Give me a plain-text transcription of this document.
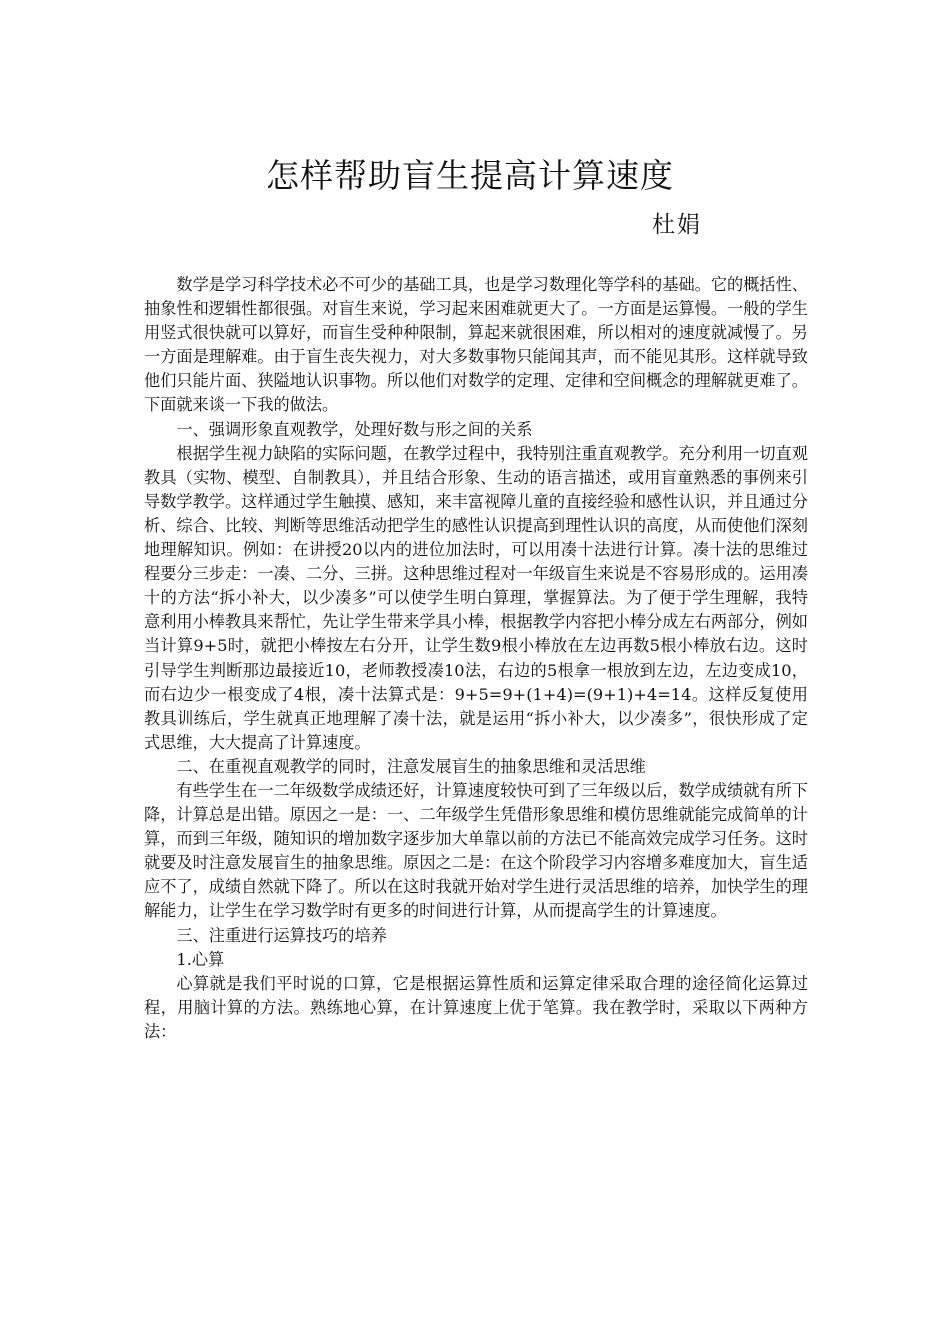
怎样帮助盲生提高计算速度
杜娟

数学是学习科学技术必不可少的基础工具，也是学习数理化等学科的基础。它的概括性、抽象性和逻辑性都很强。对盲生来说，学习起来困难就更大了。一方面是运算慢。一般的学生用竖式很快就可以算好，而盲生受种种限制，算起来就很困难，所以相对的速度就减慢了。另一方面是理解难。由于盲生丧失视力，对大多数事物只能闻其声，而不能见其形。这样就导致他们只能片面、狭隘地认识事物。所以他们对数学的定理、定律和空间概念的理解就更难了。下面就来谈一下我的做法。

一、强调形象直观教学，处理好数与形之间的关系

根据学生视力缺陷的实际问题，在教学过程中，我特别注重直观教学。充分利用一切直观教具（实物、模型、自制教具），并且结合形象、生动的语言描述，或用盲童熟悉的事例来引导数学教学。这样通过学生触摸、感知，来丰富视障儿童的直接经验和感性认识，并且通过分析、综合、比较、判断等思维活动把学生的感性认识提高到理性认识的高度，从而使他们深刻地理解知识。例如：在讲授20以内的进位加法时，可以用凑十法进行计算。凑十法的思维过程要分三步走：一凑、二分、三拼。这种思维过程对一年级盲生来说是不容易形成的。运用凑十的方法“拆小补大，以少凑多”可以使学生明白算理，掌握算法。为了便于学生理解，我特意利用小棒教具来帮忙，先让学生带来学具小棒，根据教学内容把小棒分成左右两部分，例如当计算9+5时，就把小棒按左右分开，让学生数9根小棒放在左边再数5根小棒放右边。这时引导学生判断那边最接近10，老师教授凑10法，右边的5根拿一根放到左边，左边变成10，而右边少一根变成了4根，凑十法算式是：9+5=9+(1+4)=(9+1)+4=14。这样反复使用教具训练后，学生就真正地理解了凑十法，就是运用“拆小补大，以少凑多”，很快形成了定式思维，大大提高了计算速度。

二、在重视直观教学的同时，注意发展盲生的抽象思维和灵活思维

有些学生在一二年级数学成绩还好，计算速度较快可到了三年级以后，数学成绩就有所下降，计算总是出错。原因之一是：一、二年级学生凭借形象思维和模仿思维就能完成简单的计算，而到三年级，随知识的增加数字逐步加大单靠以前的方法已不能高效完成学习任务。这时就要及时注意发展盲生的抽象思维。原因之二是：在这个阶段学习内容增多难度加大，盲生适应不了，成绩自然就下降了。所以在这时我就开始对学生进行灵活思维的培养，加快学生的理解能力，让学生在学习数学时有更多的时间进行计算，从而提高学生的计算速度。

三、注重进行运算技巧的培养

1.心算

心算就是我们平时说的口算，它是根据运算性质和运算定律采取合理的途径简化运算过程，用脑计算的方法。熟练地心算，在计算速度上优于笔算。我在教学时，采取以下两种方法：
